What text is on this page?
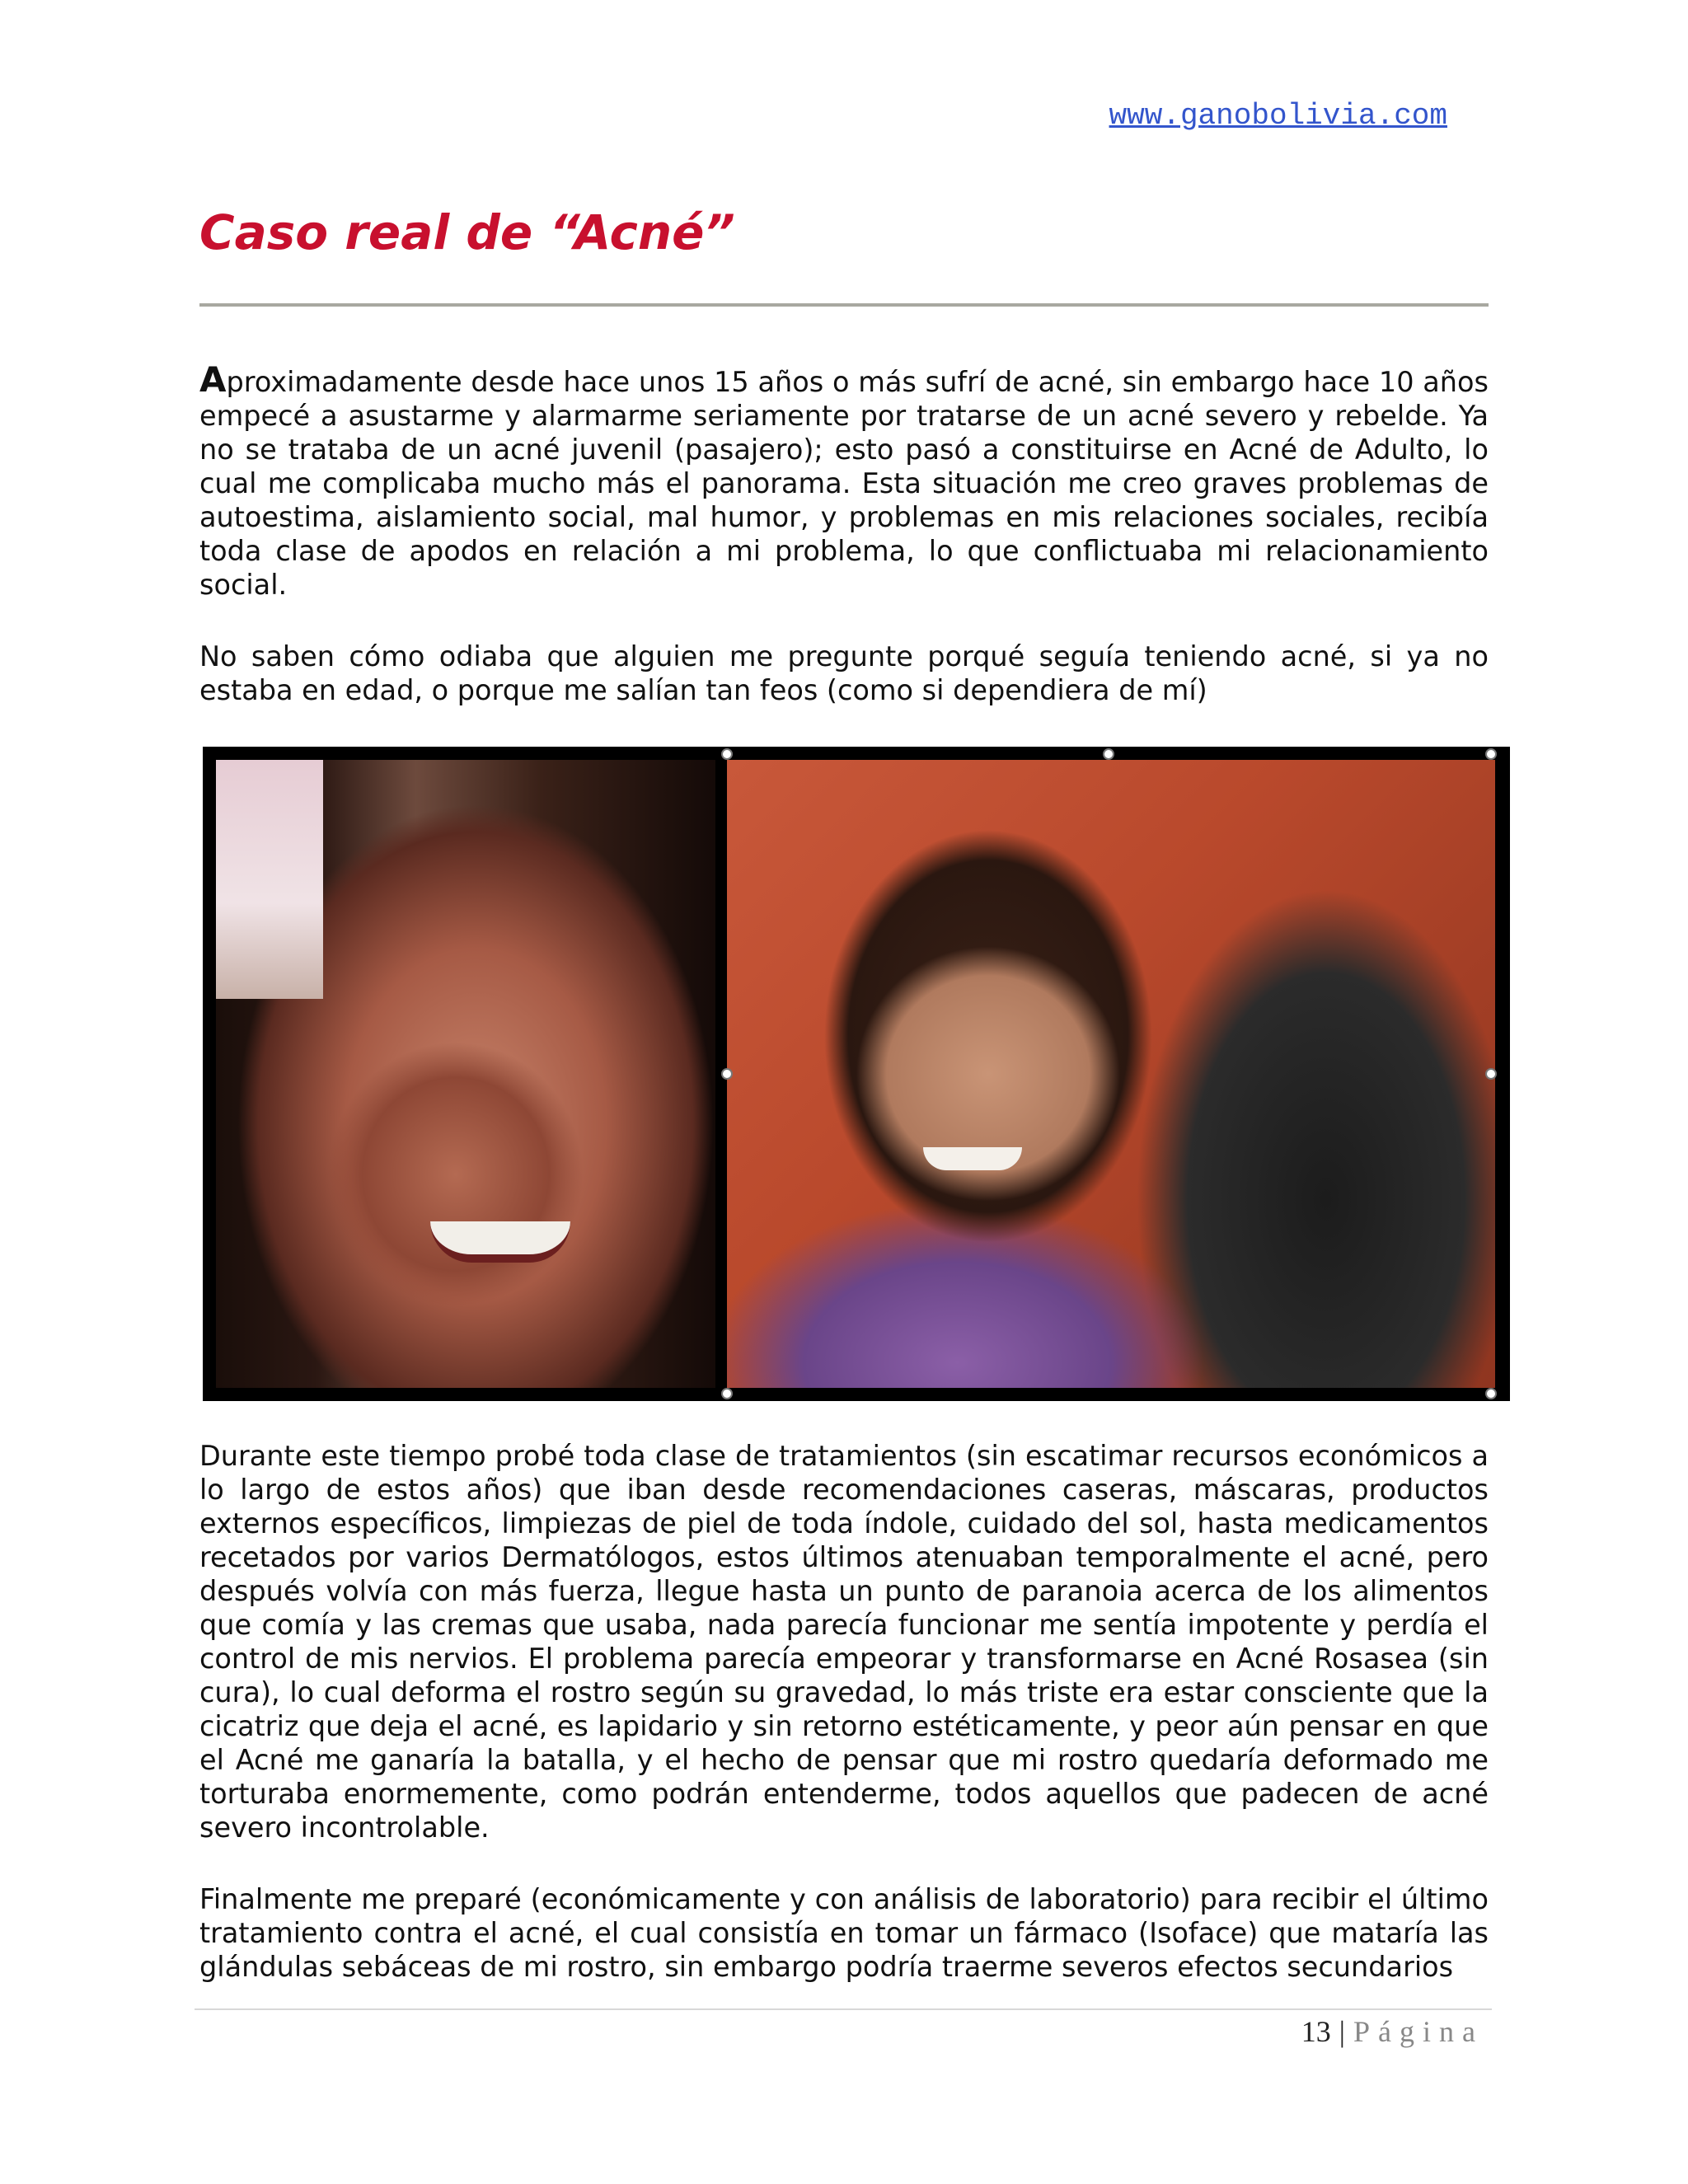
www.ganobolivia.com
Caso real de “Acné”

Aproximadamente desde hace unos 15 años o más sufrí de acné, sin embargo hace 10 años empecé a asustarme y alarmarme seriamente por tratarse de un acné severo y rebelde. Ya no se trataba de un acné juvenil (pasajero); esto pasó a constituirse en Acné de Adulto, lo cual me complicaba mucho más el panorama. Esta situación me creo graves problemas de autoestima, aislamiento social, mal humor, y problemas en mis relaciones sociales, recibía toda clase de apodos en relación a mi problema, lo que conflictuaba mi relacionamiento social.

No saben cómo odiaba que alguien me pregunte porqué seguía teniendo acné, si ya no estaba en edad, o porque me salían tan feos (como si dependiera de mí)

Durante este tiempo probé toda clase de tratamientos (sin escatimar recursos económicos a lo largo de estos años) que iban desde recomendaciones caseras, máscaras, productos externos específicos, limpiezas de piel de toda índole, cuidado del sol, hasta medicamentos recetados por varios Dermatólogos, estos últimos atenuaban temporalmente el acné, pero después volvía con más fuerza, llegue hasta un punto de paranoia acerca de los alimentos que comía y las cremas que usaba, nada parecía funcionar me sentía impotente y perdía el control de mis nervios. El problema parecía empeorar y transformarse en Acné Rosasea (sin cura), lo cual deforma el rostro según su gravedad, lo más triste era estar consciente que la cicatriz que deja el acné, es lapidario y sin retorno estéticamente, y peor aún pensar en que el Acné me ganaría la batalla, y el hecho de pensar que mi rostro quedaría deformado me torturaba enormemente, como podrán entenderme, todos aquellos que padecen de acné severo incontrolable.

Finalmente me preparé (económicamente y con análisis de laboratorio) para recibir el último tratamiento contra el acné, el cual consistía en tomar un fármaco (Isoface) que mataría las glándulas sebáceas de mi rostro, sin embargo podría traerme severos efectos secundarios

13 | Página
